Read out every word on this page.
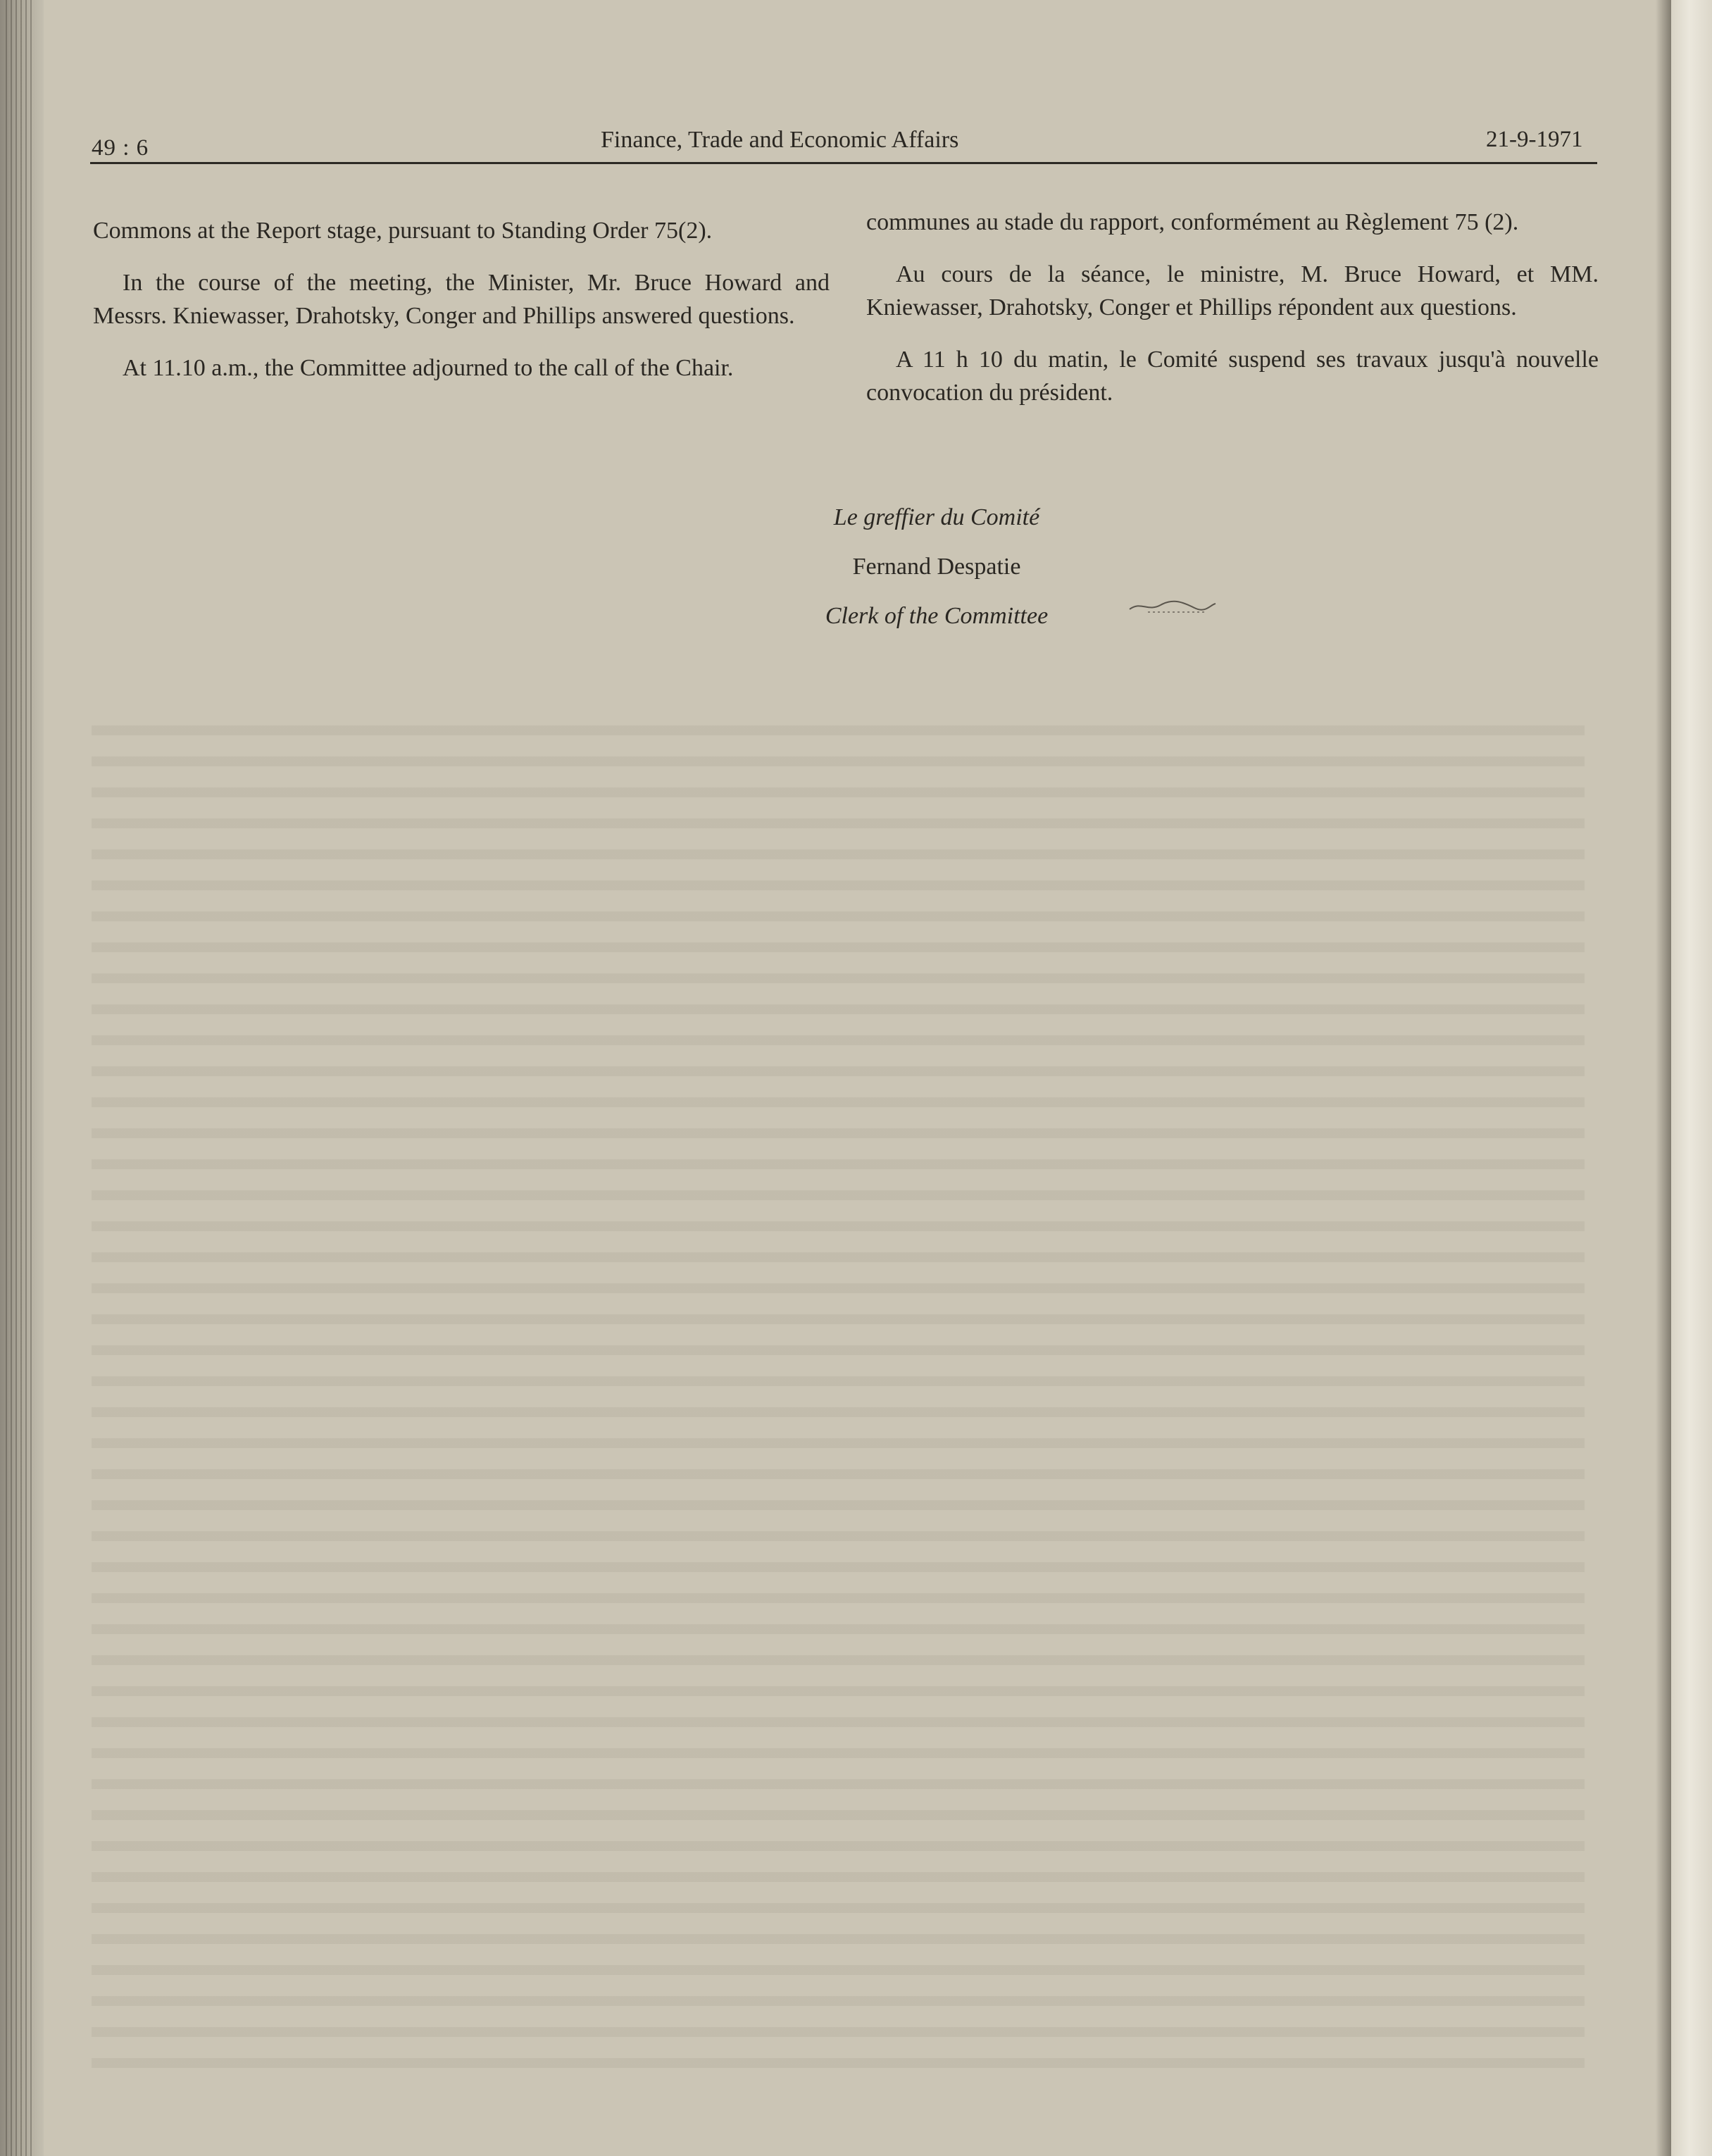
49 : 6	Finance, Trade and Economic Affairs	21-9-1971

Commons at the Report stage, pursuant to Standing Order 75(2).

In the course of the meeting, the Minister, Mr. Bruce Howard and Messrs. Kniewasser, Drahotsky, Conger and Phillips answered questions.

At 11.10 a.m., the Committee adjourned to the call of the Chair.

communes au stade du rapport, conformément au Règlement 75 (2).

Au cours de la séance, le ministre, M. Bruce Howard, et MM. Kniewasser, Drahotsky, Conger et Phillips répondent aux questions.

A 11 h 10 du matin, le Comité suspend ses travaux jusqu'à nouvelle convocation du président.

Le greffier du Comité
Fernand Despatie
Clerk of the Committee
